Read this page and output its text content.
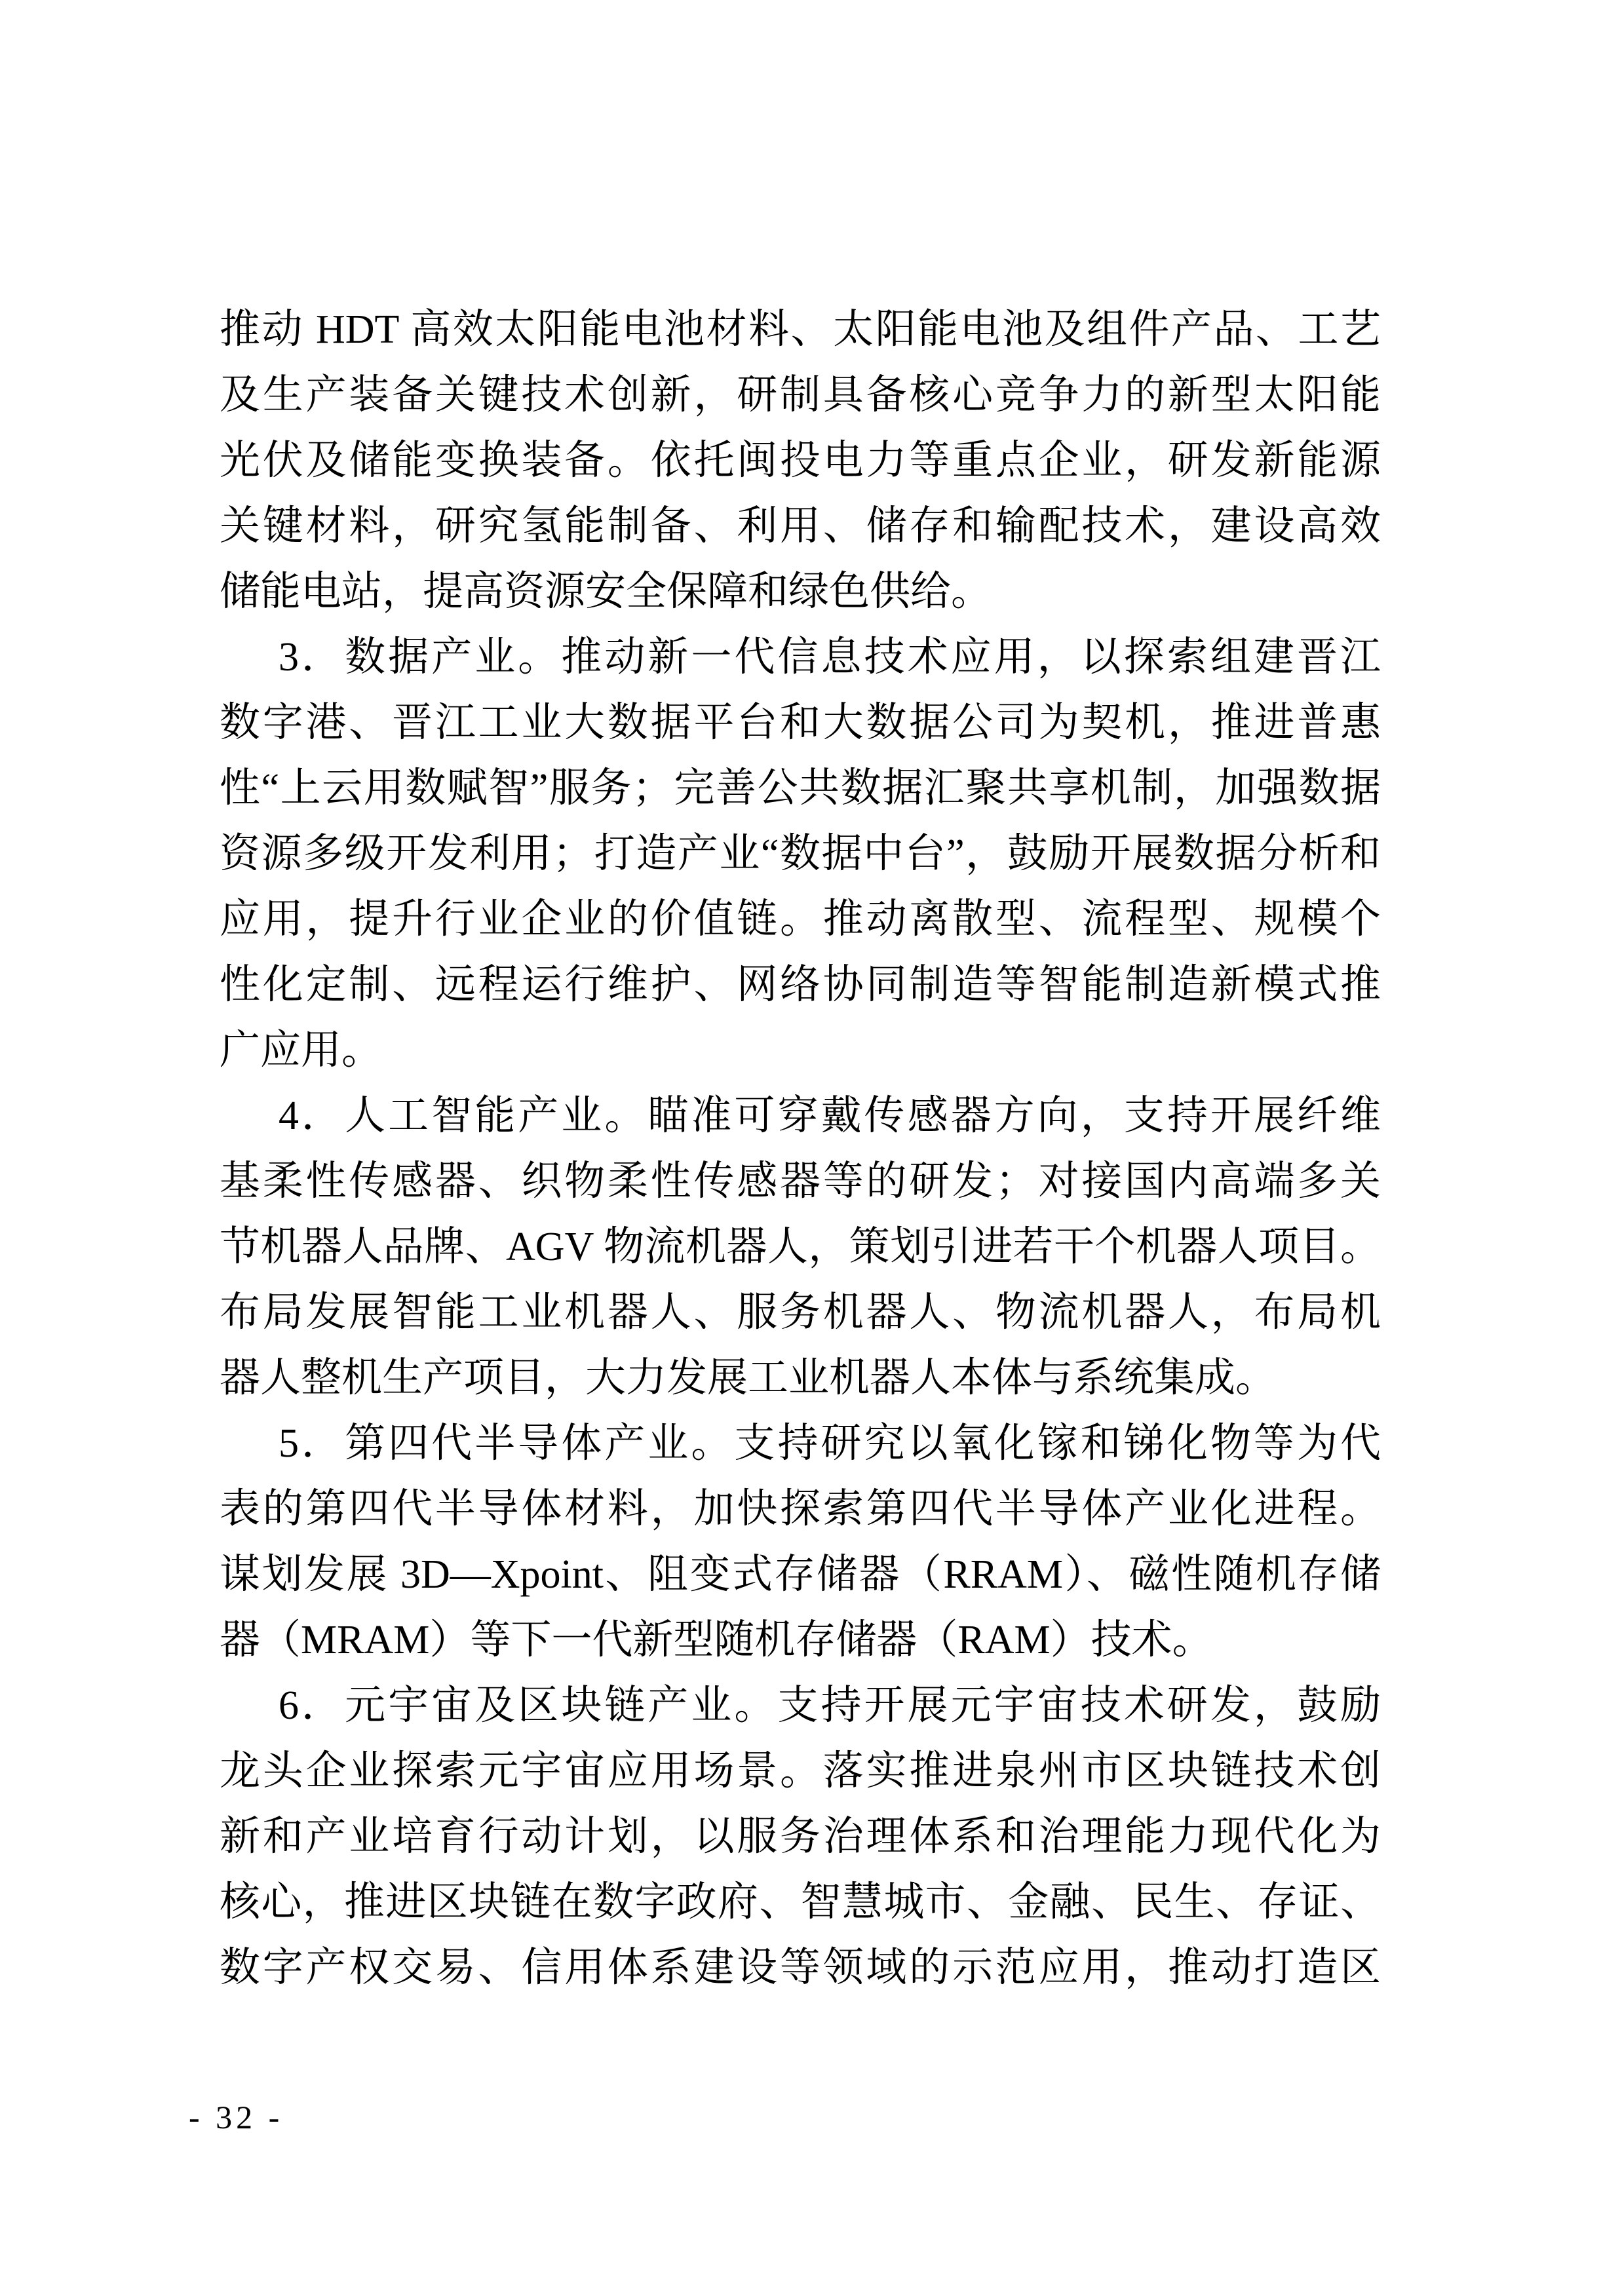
推动 HDT 高效太阳能电池材料、太阳能电池及组件产品、工艺
及生产装备关键技术创新，研制具备核心竞争力的新型太阳能
光伏及储能变换装备。依托闽投电力等重点企业，研发新能源
关键材料，研究氢能制备、利用、储存和输配技术，建设高效
储能电站，提高资源安全保障和绿色供给。
3．数据产业。推动新一代信息技术应用，以探索组建晋江
数字港、晋江工业大数据平台和大数据公司为契机，推进普惠
性“上云用数赋智”服务；完善公共数据汇聚共享机制，加强数据
资源多级开发利用；打造产业“数据中台”，鼓励开展数据分析和
应用，提升行业企业的价值链。推动离散型、流程型、规模个
性化定制、远程运行维护、网络协同制造等智能制造新模式推
广应用。
4．人工智能产业。瞄准可穿戴传感器方向，支持开展纤维
基柔性传感器、织物柔性传感器等的研发；对接国内高端多关
节机器人品牌、AGV 物流机器人，策划引进若干个机器人项目。
布局发展智能工业机器人、服务机器人、物流机器人，布局机
器人整机生产项目，大力发展工业机器人本体与系统集成。
5．第四代半导体产业。支持研究以氧化镓和锑化物等为代
表的第四代半导体材料，加快探索第四代半导体产业化进程。
谋划发展 3D—Xpoint、阻变式存储器（RRAM）、磁性随机存储
器（MRAM）等下一代新型随机存储器（RAM）技术。
6．元宇宙及区块链产业。支持开展元宇宙技术研发，鼓励
龙头企业探索元宇宙应用场景。落实推进泉州市区块链技术创
新和产业培育行动计划，以服务治理体系和治理能力现代化为
核心，推进区块链在数字政府、智慧城市、金融、民生、存证、
数字产权交易、信用体系建设等领域的示范应用，推动打造区
- 32 -
